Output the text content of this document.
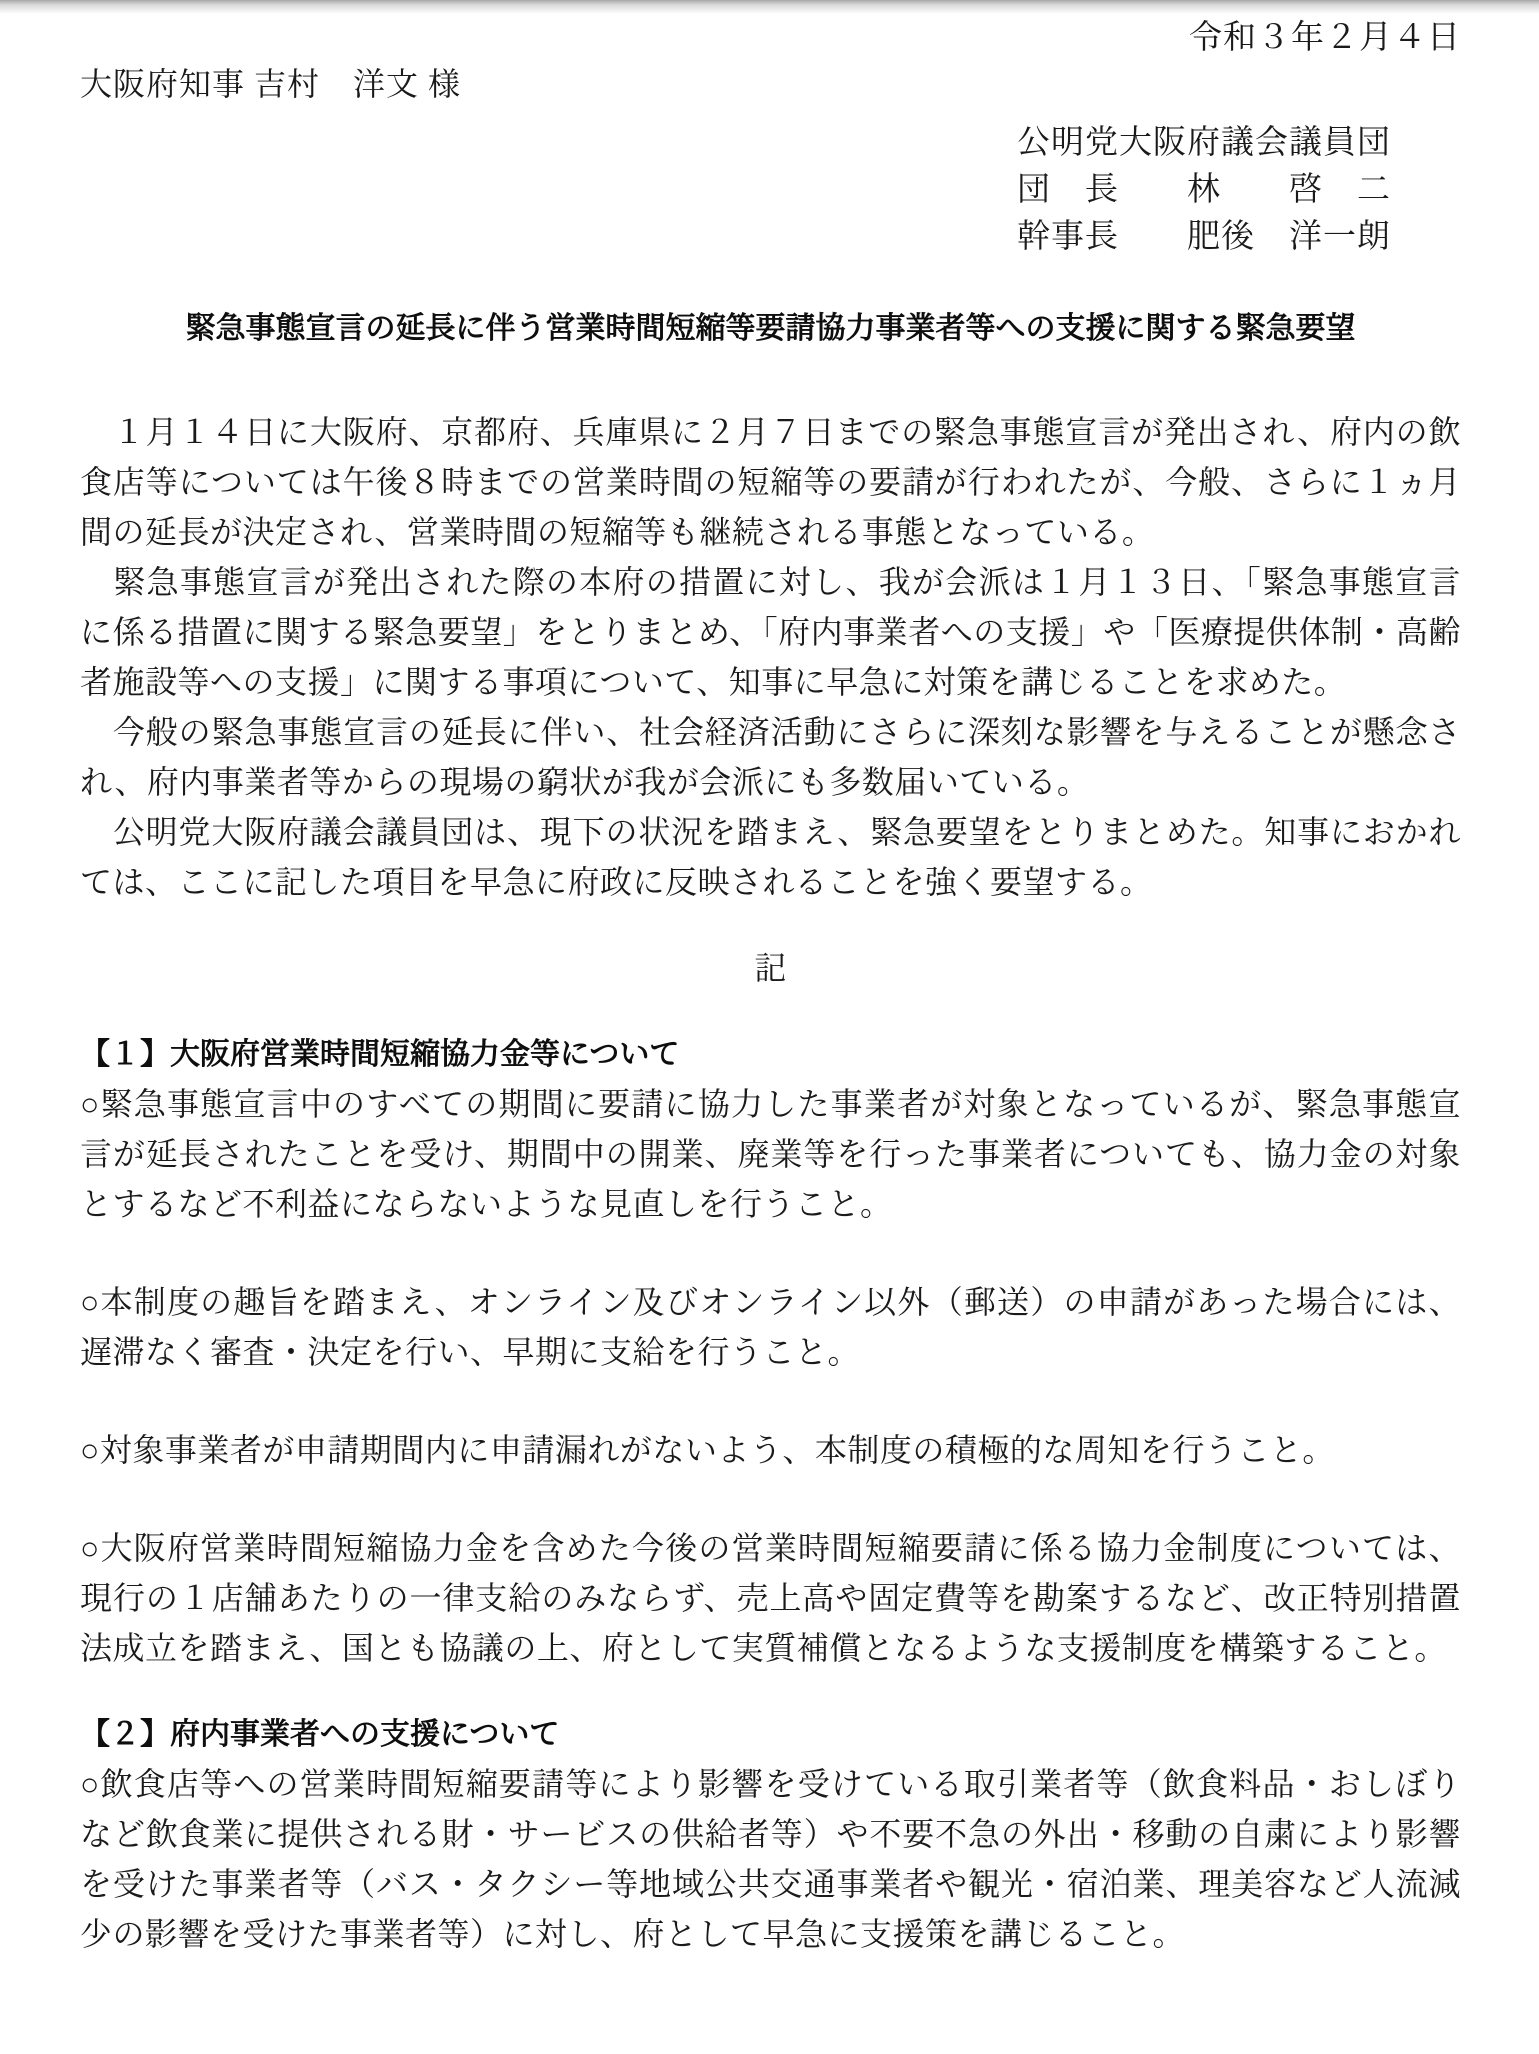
令和３年２月４日
大阪府知事 吉村　洋文 様
公明党大阪府議会議員団
団　長　　林　　啓　二
幹事長　　肥後　洋一朗
緊急事態宣言の延長に伴う営業時間短縮等要請協力事業者等への支援に関する緊急要望

　１月１４日に大阪府、京都府、兵庫県に２月７日までの緊急事態宣言が発出され、府内の飲食店等については午後８時までの営業時間の短縮等の要請が行われたが、今般、さらに１ヵ月間の延長が決定され、営業時間の短縮等も継続される事態となっている。

　緊急事態宣言が発出された際の本府の措置に対し、我が会派は１月１３日、「緊急事態宣言に係る措置に関する緊急要望」をとりまとめ、「府内事業者への支援」や「医療提供体制・高齢者施設等への支援」に関する事項について、知事に早急に対策を講じることを求めた。

　今般の緊急事態宣言の延長に伴い、社会経済活動にさらに深刻な影響を与えることが懸念され、府内事業者等からの現場の窮状が我が会派にも多数届いている。

　公明党大阪府議会議員団は、現下の状況を踏まえ、緊急要望をとりまとめた。知事におかれては、ここに記した項目を早急に府政に反映されることを強く要望する。

記
【１】大阪府営業時間短縮協力金等について

○緊急事態宣言中のすべての期間に要請に協力した事業者が対象となっているが、緊急事態宣言が延長されたことを受け、期間中の開業、廃業等を行った事業者についても、協力金の対象とするなど不利益にならないような見直しを行うこと。

○本制度の趣旨を踏まえ、オンライン及びオンライン以外（郵送）の申請があった場合には、遅滞なく審査・決定を行い、早期に支給を行うこと。

○対象事業者が申請期間内に申請漏れがないよう、本制度の積極的な周知を行うこと。

○大阪府営業時間短縮協力金を含めた今後の営業時間短縮要請に係る協力金制度については、現行の１店舗あたりの一律支給のみならず、売上高や固定費等を勘案するなど、改正特別措置法成立を踏まえ、国とも協議の上、府として実質補償となるような支援制度を構築すること。

【２】府内事業者への支援について

○飲食店等への営業時間短縮要請等により影響を受けている取引業者等（飲食料品・おしぼりなど飲食業に提供される財・サービスの供給者等）や不要不急の外出・移動の自粛により影響を受けた事業者等（バス・タクシー等地域公共交通事業者や観光・宿泊業、理美容など人流減少の影響を受けた事業者等）に対し、府として早急に支援策を講じること。
